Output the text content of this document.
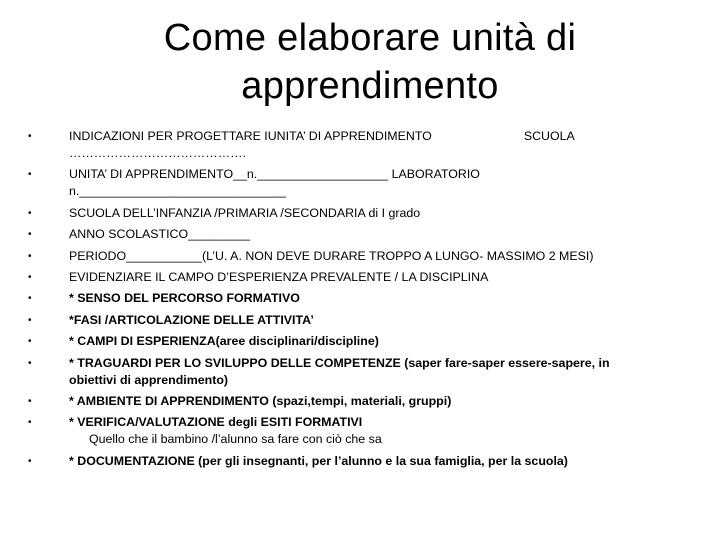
Come elaborare unità di
apprendimento
•	INDICAZIONI PER PROGETTARE IUNITA’ DI APPRENDIMENTO	SCUOLA
…………………………………….
•	UNITA’ DI APPRENDIMENTO__n.___________________ LABORATORIO
n.______________________________
•	SCUOLA DELL’INFANZIA /PRIMARIA /SECONDARIA di I grado
•	ANNO SCOLASTICO_________
•	PERIODO___________(L’U. A. NON DEVE DURARE TROPPO A LUNGO- MASSIMO 2 MESI)
•	EVIDENZIARE IL CAMPO D’ESPERIENZA PREVALENTE / LA DISCIPLINA
•	* SENSO DEL PERCORSO FORMATIVO
•	*FASI /ARTICOLAZIONE DELLE ATTIVITA’
•	* CAMPI DI ESPERIENZA(aree disciplinari/discipline)
•	* TRAGUARDI PER LO SVILUPPO DELLE COMPETENZE (saper fare-saper essere-sapere, in
obiettivi di apprendimento)
•	* AMBIENTE DI APPRENDIMENTO (spazi,tempi, materiali, gruppi)
•	* VERIFICA/VALUTAZIONE degli ESITI FORMATIVI
Quello che il bambino /l’alunno sa fare con ciò che sa
•	* DOCUMENTAZIONE (per gli insegnanti, per l’alunno e la sua famiglia, per la scuola)
